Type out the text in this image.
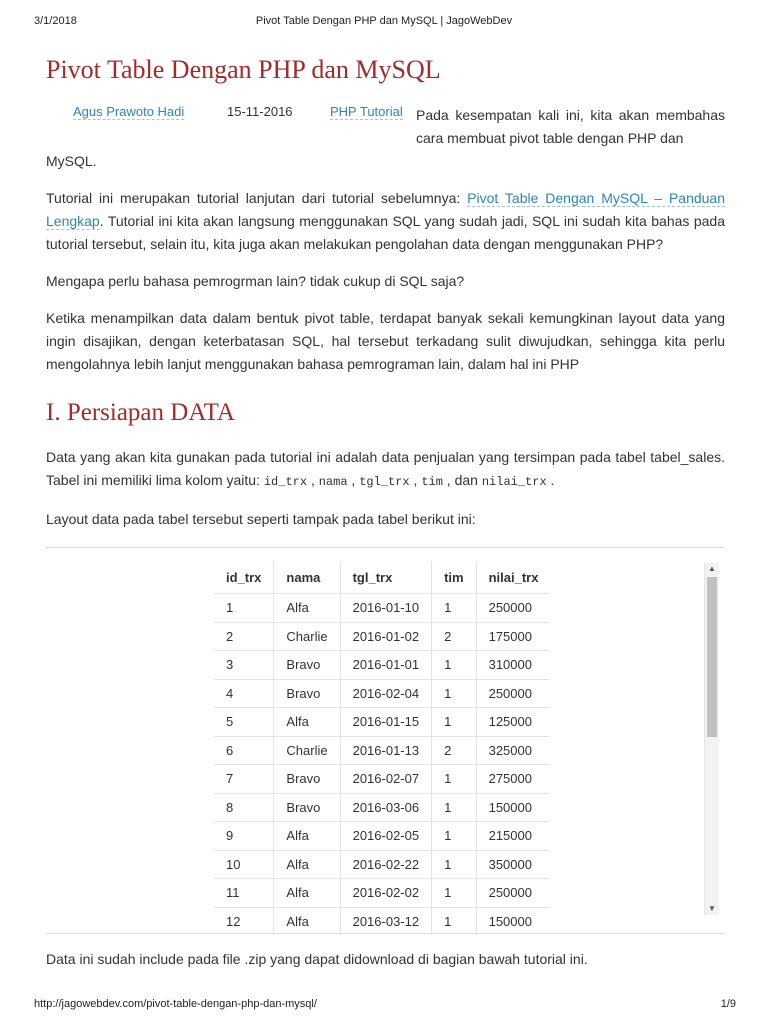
3/1/2018	Pivot Table Dengan PHP dan MySQL | JagoWebDev
Pivot Table Dengan PHP dan MySQL
Agus Prawoto Hadi	15-11-2016	PHP Tutorial Pada kesempatan kali ini, kita akan membahas cara membuat pivot table dengan PHP dan

MySQL.

Tutorial ini merupakan tutorial lanjutan dari tutorial sebelumnya: Pivot Table Dengan MySQL – Panduan Lengkap. Tutorial ini kita akan langsung menggunakan SQL yang sudah jadi, SQL ini sudah kita bahas pada tutorial tersebut, selain itu, kita juga akan melakukan pengolahan data dengan menggunakan PHP?

Mengapa perlu bahasa pemrogrman lain? tidak cukup di SQL saja?

Ketika menampilkan data dalam bentuk pivot table, terdapat banyak sekali kemungkinan layout data yang ingin disajikan, dengan keterbatasan SQL, hal tersebut terkadang sulit diwujudkan, sehingga kita perlu mengolahnya lebih lanjut menggunakan bahasa pemrograman lain, dalam hal ini PHP

I. Persiapan DATA

Data yang akan kita gunakan pada tutorial ini adalah data penjualan yang tersimpan pada tabel tabel_sales. Tabel ini memiliki lima kolom yaitu: id_trx , nama , tgl_trx , tim , dan nilai_trx .

Layout data pada tabel tersebut seperti tampak pada tabel berikut ini:

id_trx	nama	tgl_trx	tim	nilai_trx
1	Alfa	2016-01-10	1	250000
2	Charlie	2016-01-02	2	175000
3	Bravo	2016-01-01	1	310000
4	Bravo	2016-02-04	1	250000
5	Alfa	2016-01-15	1	125000
6	Charlie	2016-01-13	2	325000
7	Bravo	2016-02-07	1	275000
8	Bravo	2016-03-06	1	150000
9	Alfa	2016-02-05	1	215000
10	Alfa	2016-02-22	1	350000
11	Alfa	2016-02-02	1	250000
12	Alfa	2016-03-12	1	150000
▲
▼

Data ini sudah include pada file .zip yang dapat didownload di bagian bawah tutorial ini.

http://jagowebdev.com/pivot-table-dengan-php-dan-mysql/	1/9
